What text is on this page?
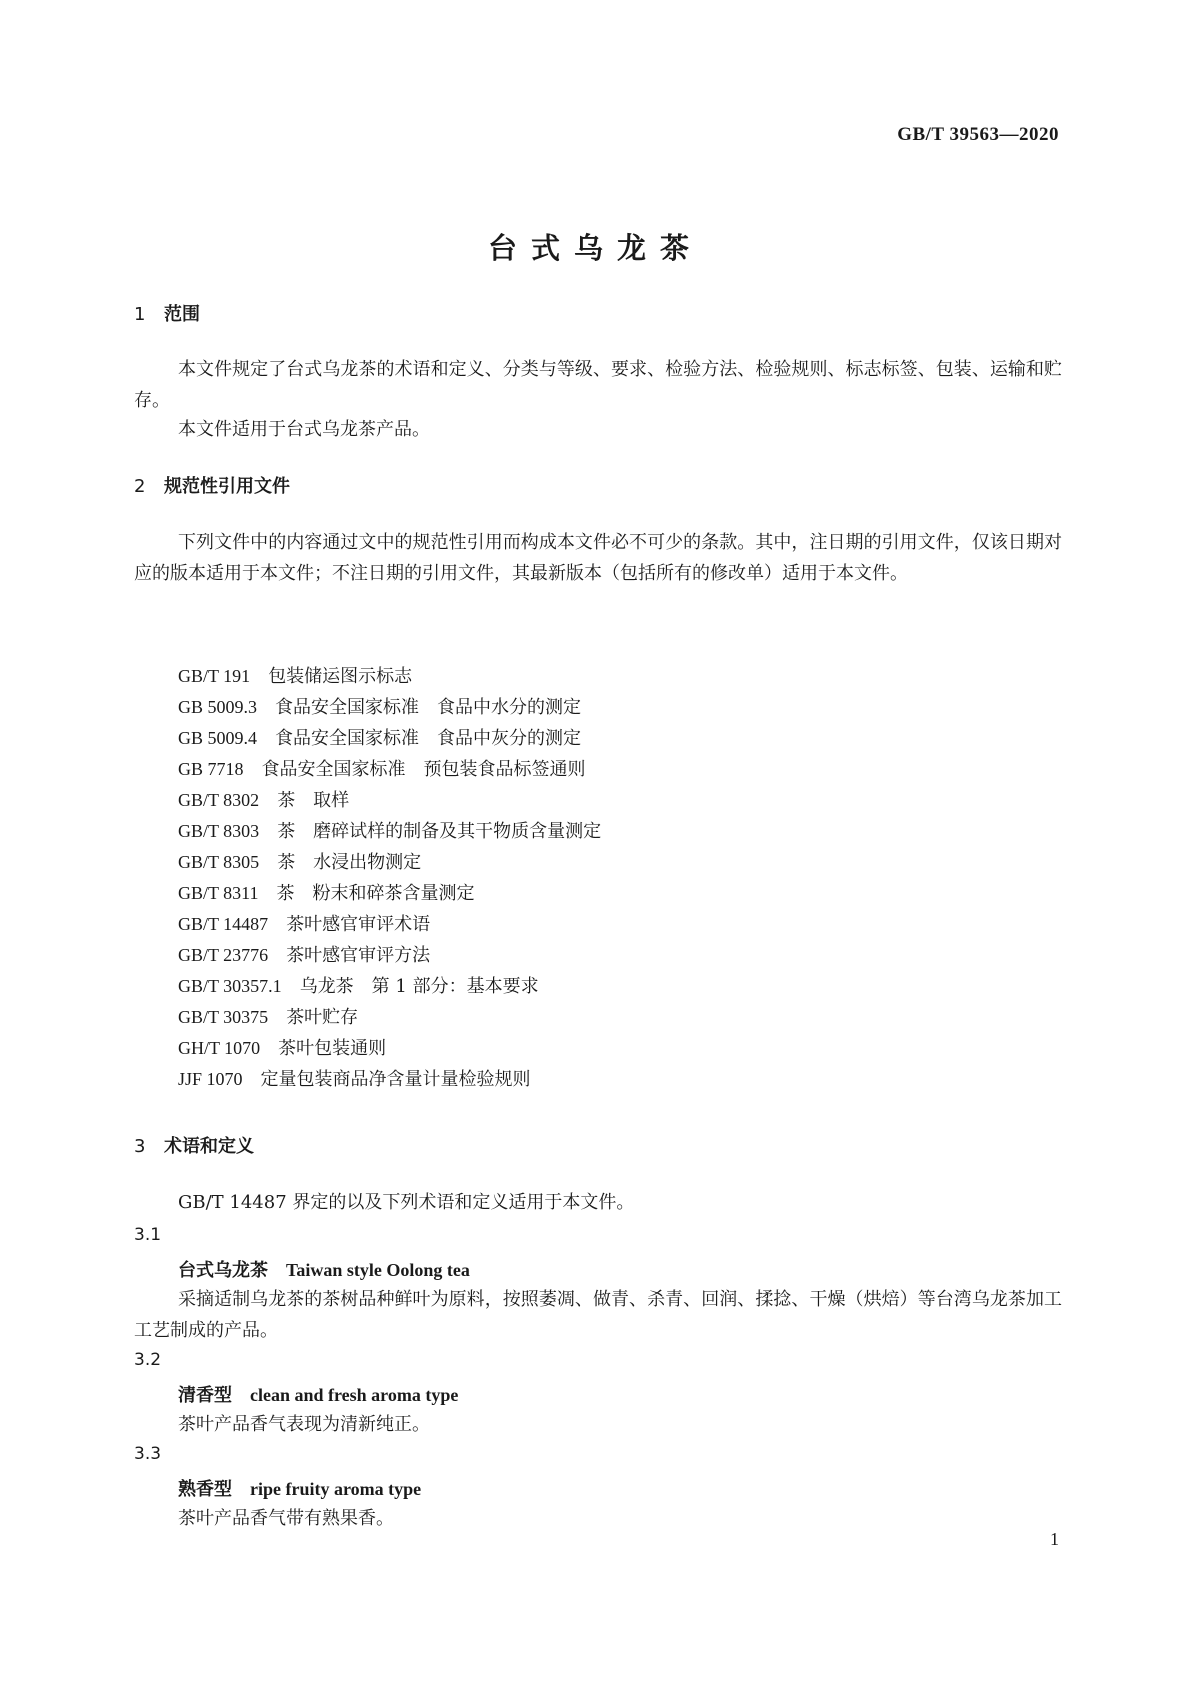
GB/T 39563—2020
台式乌龙茶
1 范围
本文件规定了台式乌龙茶的术语和定义、分类与等级、要求、检验方法、检验规则、标志标签、包装、运输和贮存。
本文件适用于台式乌龙茶产品。
2 规范性引用文件
下列文件中的内容通过文中的规范性引用而构成本文件必不可少的条款。其中，注日期的引用文件，仅该日期对应的版本适用于本文件；不注日期的引用文件，其最新版本（包括所有的修改单）适用于本文件。
GB/T 191 包装储运图示标志
GB 5009.3 食品安全国家标准　食品中水分的测定
GB 5009.4 食品安全国家标准　食品中灰分的测定
GB 7718 食品安全国家标准　预包装食品标签通则
GB/T 8302 茶　取样
GB/T 8303 茶　磨碎试样的制备及其干物质含量测定
GB/T 8305 茶　水浸出物测定
GB/T 8311 茶　粉末和碎茶含量测定
GB/T 14487 茶叶感官审评术语
GB/T 23776 茶叶感官审评方法
GB/T 30357.1 乌龙茶　第 1 部分：基本要求
GB/T 30375 茶叶贮存
GH/T 1070 茶叶包装通则
JJF 1070 定量包装商品净含量计量检验规则
3 术语和定义
GB/T 14487 界定的以及下列术语和定义适用于本文件。
3.1
台式乌龙茶 Taiwan style Oolong tea
采摘适制乌龙茶的茶树品种鲜叶为原料，按照萎凋、做青、杀青、回润、揉捻、干燥（烘焙）等台湾乌龙茶加工工艺制成的产品。
3.2
清香型 clean and fresh aroma type
茶叶产品香气表现为清新纯正。
3.3
熟香型 ripe fruity aroma type
茶叶产品香气带有熟果香。
1
